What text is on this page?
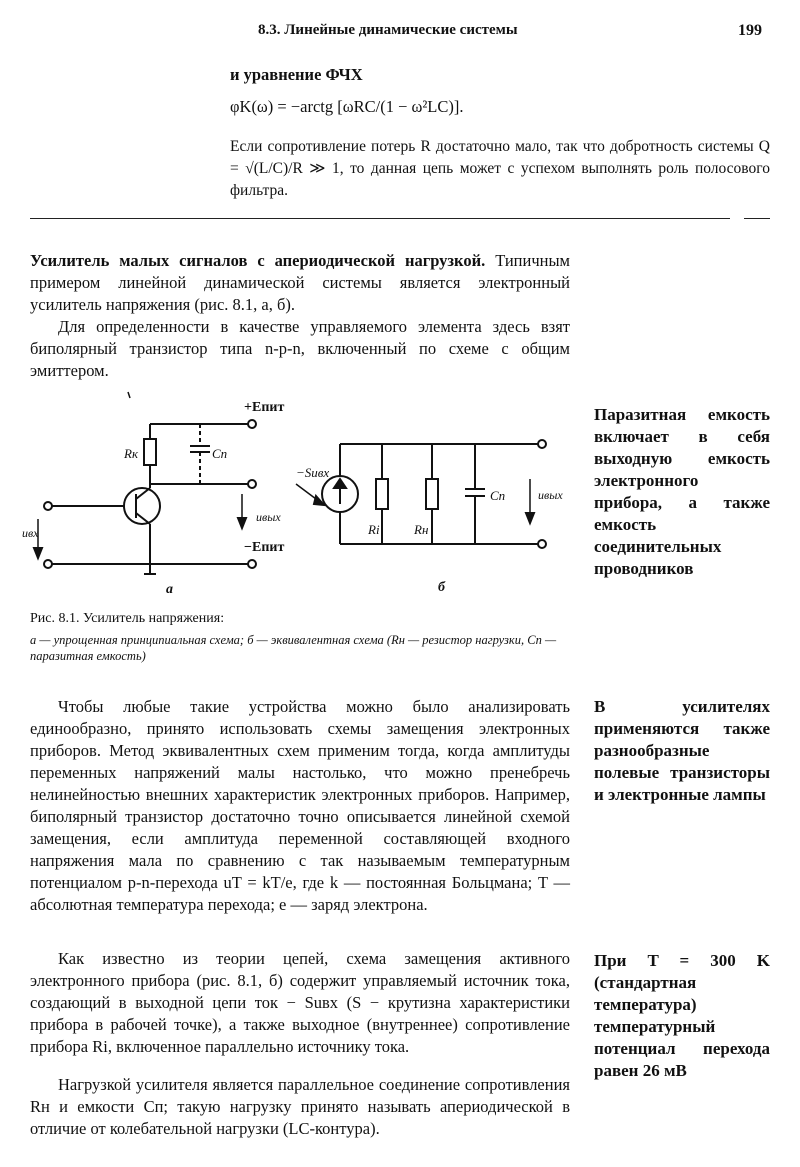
8.3. Линейные динамические системы	199
и уравнение ФЧХ
φK(ω) = −arctg [ωRC/(1 − ω²LC)].
Если сопротивление потерь R достаточно мало, так что добротность системы Q = √(L/C)/R ≫ 1, то данная цепь может с успехом выполнять роль полосового фильтра.
Усилитель малых сигналов с апериодической нагрузкой. Типичным примером линейной динамической системы является электронный усилитель напряжения (рис. 8.1, а, б).
Для определенности в качестве управляемого элемента здесь взят биполярный транзистор типа n-p-n, включенный по схеме с общим эмиттером.
+Eпит
−Eпит
Rк	Cп
uвх
uвых
а
−Suвх
Ri	Rн
Cп	uвых
б
Рис. 8.1. Усилитель напряжения:
а — упрощенная принципиальная схема; б — эквивалентная схема (Rн — резистор нагрузки, Cп — паразитная емкость)
Паразитная емкость включает в себя выходную емкость электронного прибора, а также емкость соединительных проводников
В усилителях применяются также разнообразные полевые транзисторы и электронные лампы
При T = 300 K (стандартная температура) температурный потенциал перехода равен 26 мВ
Чтобы любые такие устройства можно было анализировать единообразно, принято использовать схемы замещения электронных приборов. Метод эквивалентных схем применим тогда, когда амплитуды переменных напряжений малы настолько, что можно пренебречь нелинейностью внешних характеристик электронных приборов. Например, биполярный транзистор достаточно точно описывается линейной схемой замещения, если амплитуда переменной составляющей входного напряжения мала по сравнению с так называемым температурным потенциалом p-n-перехода uT = kT/e, где k — постоянная Больцмана; T — абсолютная температура перехода; e — заряд электрона.
Как известно из теории цепей, схема замещения активного электронного прибора (рис. 8.1, б) содержит управляемый источник тока, создающий в выходной цепи ток − Suвх (S − крутизна характеристики прибора в рабочей точке), а также выходное (внутреннее) сопротивление прибора Ri, включенное параллельно источнику тока.
Нагрузкой усилителя является параллельное соединение сопротивления Rн и емкости Cп; такую нагрузку принято называть апериодической в отличие от колебательной нагрузки (LC-контура).
